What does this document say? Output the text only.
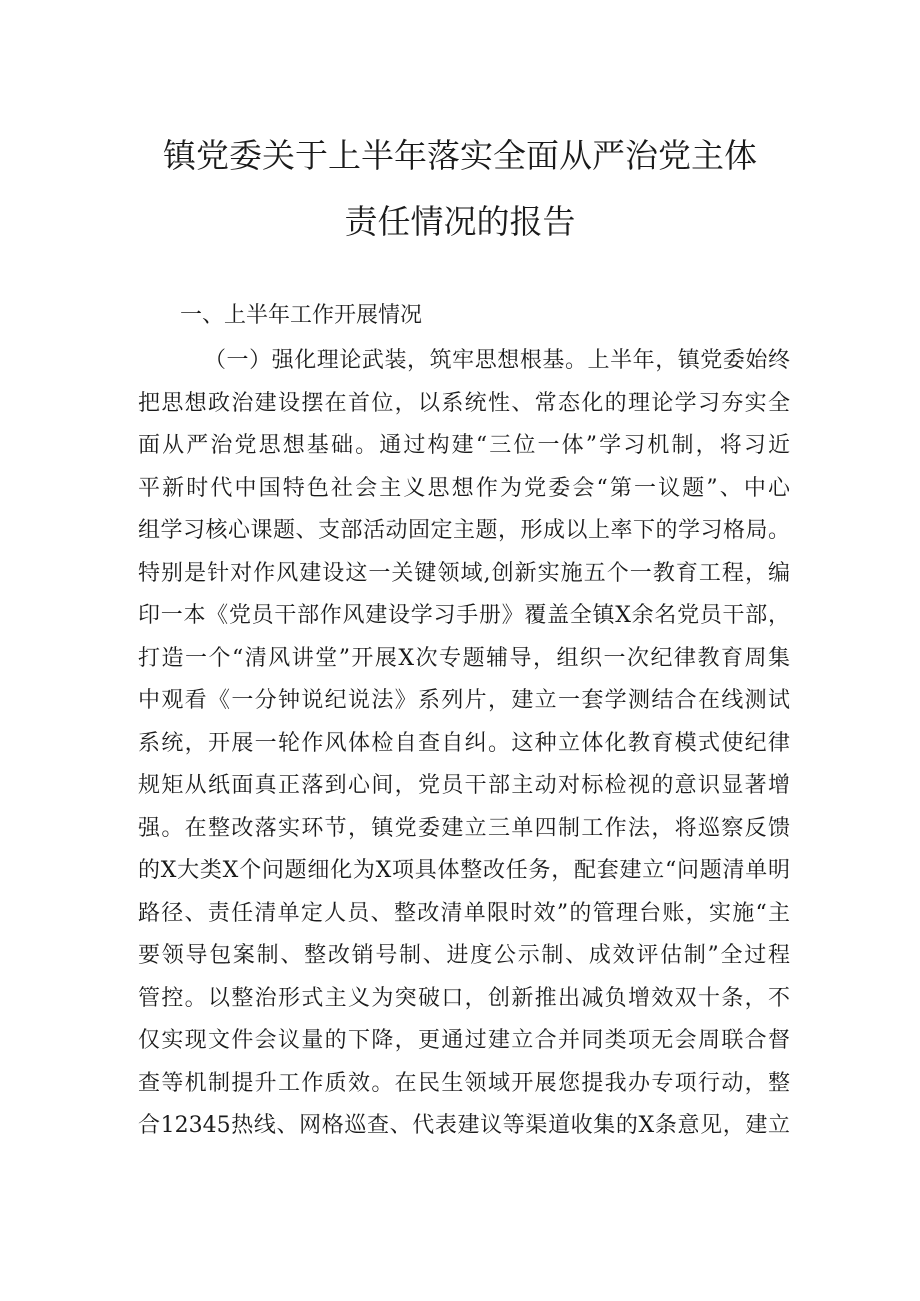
镇党委关于上半年落实全面从严治党主体
责任情况的报告
一、上半年工作开展情况
（一）强化理论武装，筑牢思想根基。上半年，镇党委始终
把思想政治建设摆在首位，以系统性、常态化的理论学习夯实全
面从严治党思想基础。通过构建“三位一体”学习机制，将习近
平新时代中国特色社会主义思想作为党委会“第一议题”、中心
组学习核心课题、支部活动固定主题，形成以上率下的学习格局。
特别是针对作风建设这一关键领域,创新实施五个一教育工程，编
印一本《党员干部作风建设学习手册》覆盖全镇X余名党员干部，
打造一个“清风讲堂”开展X次专题辅导，组织一次纪律教育周集
中观看《一分钟说纪说法》系列片，建立一套学测结合在线测试
系统，开展一轮作风体检自查自纠。这种立体化教育模式使纪律
规矩从纸面真正落到心间，党员干部主动对标检视的意识显著增
强。在整改落实环节，镇党委建立三单四制工作法，将巡察反馈
的X大类X个问题细化为X项具体整改任务，配套建立“问题清单明
路径、责任清单定人员、整改清单限时效”的管理台账，实施“主
要领导包案制、整改销号制、进度公示制、成效评估制”全过程
管控。以整治形式主义为突破口，创新推出减负增效双十条，不
仅实现文件会议量的下降，更通过建立合并同类项无会周联合督
查等机制提升工作质效。在民生领域开展您提我办专项行动，整
合12345热线、网格巡查、代表建议等渠道收集的X条意见，建立
